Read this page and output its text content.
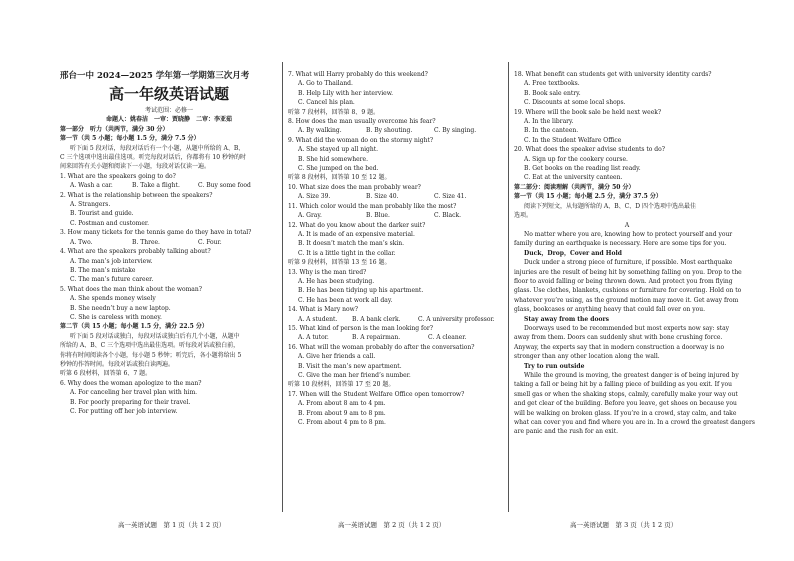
邢台一中 2024—2025 学年第一学期第三次月考

高一年级英语试题

考试范围：必修一

命题人：姚春洁　一审：贾晓静　二审：李亚茹

第一部分　听力（共两节，满分 30 分）

第一节（共 5 小题；每小题 1.5 分，满分 7.5 分）

听下面 5 段对话，每段对话后有一个小题，从题中所给的 A、B、

C 三个选项中选出最佳选项。听完每段对话后，你都将有 10 秒钟的时

间来回答有关小题和阅读下一小题，每段对话仅读一遍。

1. What are the speakers going to do?

A. Wash a car.	B. Take a flight.	C. Buy some food

2. What is the relationship between the speakers?

A. Strangers.

B. Tourist and guide.

C. Postman and customer.

3. How many tickets for the tennis game do they have in total?

A. Two.	B. Three.	C. Four.

4. What are the speakers probably talking about?

A. The man’s job interview.

B. The man’s mistake

C. The man’s future career.

5. What does the man think about the woman?

A. She spends money wisely

B. She needn’t buy a new laptop.

C. She is careless with money.

第二节（共 15 小题；每小题 1.5 分，满分 22.5 分）

听下面 5 段对话或独白，每段对话或独白后有几个小题，从题中

所给的 A、B、C 三个选项中选出最佳选项。听每段对话或独白前，

你将有时间阅读各个小题，每小题 5 秒钟；听完后，各小题将给出 5

秒钟的作答时间。每段对话或独白读两遍。

听第 6 段材料，回答第 6、7 题。

6. Why does the woman apologize to the man?

A. For canceling her travel plan with him.

B. For poorly preparing for their travel.

C. For putting off her job interview.

高一英语试题　第 1 页（共 1 2 页）

7. What will Harry probably do this weekend?

A. Go to Thailand.

B. Help Lily with her interview.

C. Cancel his plan.

听第 7 段材料，回答第 8、9 题。

8. How does the man usually overcome his fear?

A. By walking.	B. By shouting.	C. By singing.

9. What did the woman do on the stormy night?

A. She stayed up all night.

B. She hid somewhere.

C. She jumped on the bed.

听第 8 段材料，回答第 10 至 12 题。

10. What size does the man probably wear?

A. Size 39.	B. Size 40.	C. Size 41.

11. Which color would the man probably like the most?

A. Gray.	B. Blue.	C. Black.

12. What do you know about the darker suit?

A. It is made of an expensive material.

B. It doesn’t match the man’s skin.

C. It is a little tight in the collar.

听第 9 段材料，回答第 13 至 16 题。

13. Why is the man tired?

A. He has been studying.

B. He has been tidying up his apartment.

C. He has been at work all day.

14. What is Mary now?

A. A student.	B. A bank clerk.	C. A university professor.

15. What kind of person is the man looking for?

A. A tutor.	B. A repairman.	C. A cleaner.

16. What will the woman probably do after the conversation?

A. Give her friends a call.

B. Visit the man’s new apartment.

C. Give the man her friend’s number.

听第 10 段材料，回答第 17 至 20 题。

17. When will the Student Welfare Office open tomorrow?

A. From about 8 am to 4 pm.

B. From about 9 am to 8 pm.

C. From about 4 pm to 8 pm.

高一英语试题　第 2 页（共 1 2 页）

18. What benefit can students get with university identity cards?

A. Free textbooks.

B. Book sale entry.

C. Discounts at some local shops.

19. Where will the book sale be held next week?

A. In the library.

B. In the canteen.

C. In the Student Welfare Office

20. What does the speaker advise students to do?

A. Sign up for the cookery course.

B. Get books on the reading list ready.

C. Eat at the university canteen.

第二部分：阅读理解（共两节，满分 50 分）

第一节（共 15 小题；每小题 2.5 分，满分 37.5 分）

阅读下列短文，从每题所给的 A、B、C、D 四个选项中选出最佳

选项。

A

No matter where you are, knowing how to protect yourself and your

family during an earthquake is necessary. Here are some tips for you.

Duck，Drop，Cover and Hold

Duck under a strong piece of furniture, if possible. Most earthquake

injuries are the result of being hit by something falling on you. Drop to the

floor to avoid falling or being thrown down. And protect you from flying

glass. Use clothes, blankets, cushions or furniture for covering. Hold on to

whatever you’re using, as the ground motion may move it. Get away from

glass, bookcases or anything heavy that could fall over on you.

Stay away from the doors

Doorways used to be recommended but most experts now say: stay

away from them. Doors can suddenly shut with bone crushing force.

Anyway, the experts say that in modern construction a doorway is no

stronger than any other location along the wall.

Try to run outside

While the ground is moving, the greatest danger is of being injured by

taking a fall or being hit by a falling piece of building as you exit. If you

smell gas or when the shaking stops, calmly, carefully make your way out

and get clear of the building. Before you leave, get shoes on because you

will be walking on broken glass. If you’re in a crowd, stay calm, and take

what can cover you and find where you are in. In a crowd the greatest dangers

are panic and the rush for an exit.

高一英语试题　第 3 页（共 1 2 页）
